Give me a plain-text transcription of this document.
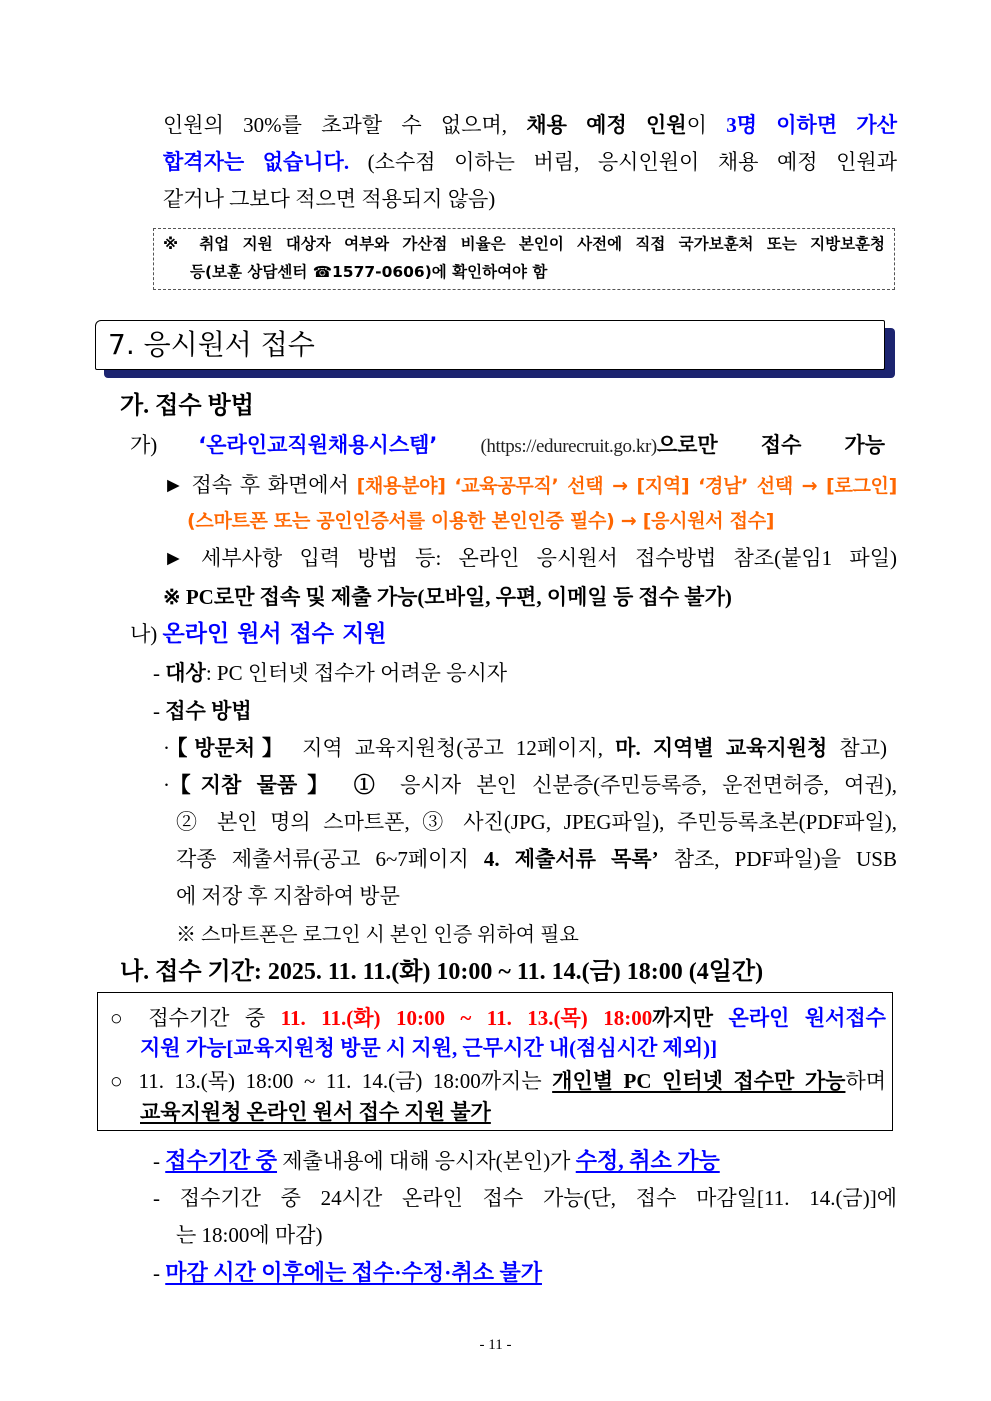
인원의 30%를 초과할 수 없으며, 채용 예정 인원이 3명 이하면 가산
합격자는 없습니다. (소수점 이하는 버림, 응시인원이 채용 예정 인원과
같거나 그보다 적으면 적용되지 않음)
※ 취업 지원 대상자 여부와 가산점 비율은 본인이 사전에 직접 국가보훈처 또는 지방보훈청
등(보훈 상담센터 ☎1577-0606)에 확인하여야 함
7. 응시원서 접수
가. 접수 방법
가) ‘온라인교직원채용시스템’ (https://edurecruit.go.kr)으로만 접수 가능
► 접속 후 화면에서 [채용분야] ‘교육공무직’ 선택 → [지역] ‘경남’ 선택 → [로그인]
(스마트폰 또는 공인인증서를 이용한 본인인증 필수) → [응시원서 접수]
► 세부사항 입력 방법 등: 온라인 응시원서 접수방법 참조(붙임1 파일)
※ PC로만 접속 및 제출 가능(모바일, 우편, 이메일 등 접수 불가)
나) 온라인 원서 접수 지원
- 대상: PC 인터넷 접수가 어려운 응시자
- 접수 방법
·【방문처】 지역 교육지원청(공고 12페이지, 마. 지역별 교육지원청 참고)
·【지참 물품】 ① 응시자 본인 신분증(주민등록증, 운전면허증, 여권),
② 본인 명의 스마트폰, ③ 사진(JPG, JPEG파일), 주민등록초본(PDF파일),
각종 제출서류(공고 6~7페이지 4. 제출서류 목록’ 참조, PDF파일)을 USB
에 저장 후 지참하여 방문
※ 스마트폰은 로그인 시 본인 인증 위하여 필요
나. 접수 기간: 2025. 11. 11.(화) 10:00 ~ 11. 14.(금) 18:00 (4일간)
○ 접수기간 중 11. 11.(화) 10:00 ~ 11. 13.(목) 18:00까지만 온라인 원서접수
지원 가능[교육지원청 방문 시 지원, 근무시간 내(점심시간 제외)]
○ 11. 13.(목) 18:00 ~ 11. 14.(금) 18:00까지는 개인별 PC 인터넷 접수만 가능하며
교육지원청 온라인 원서 접수 지원 불가
- 접수기간 중 제출내용에 대해 응시자(본인)가 수정, 취소 가능
- 접수기간 중 24시간 온라인 접수 가능(단, 접수 마감일[11. 14.(금)]에
는 18:00에 마감)
- 마감 시간 이후에는 접수·수정·취소 불가
- 11 -
